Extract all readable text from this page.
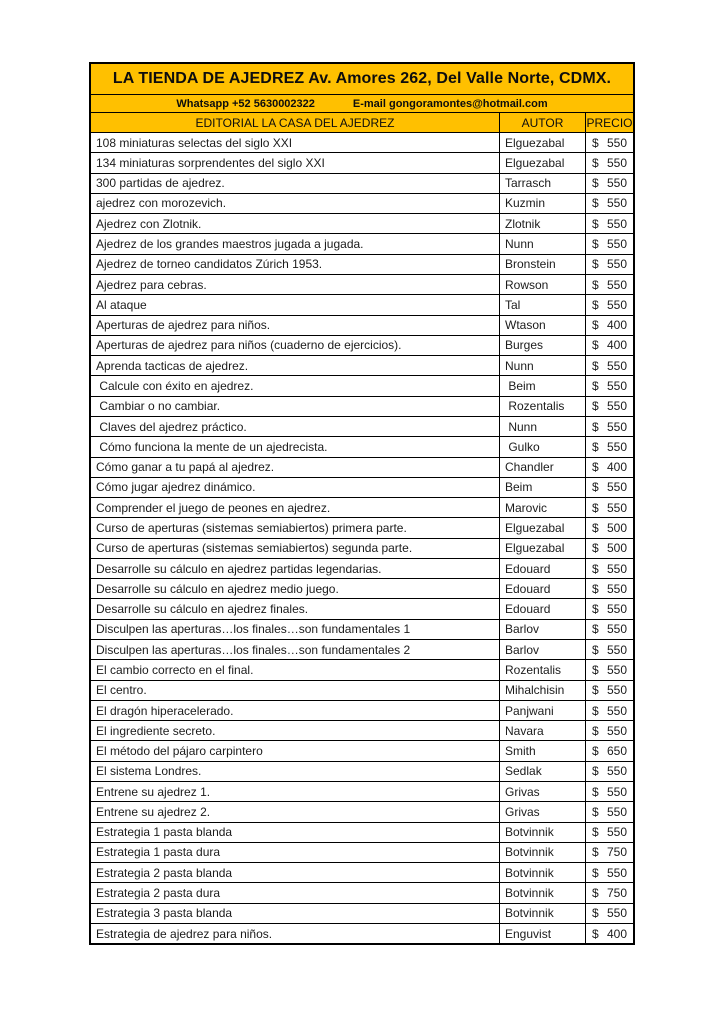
LA TIENDA DE AJEDREZ Av. Amores 262, Del Valle Norte, CDMX.
Whatsapp +52 5630002322	E-mail gongoramontes@hotmail.com
EDITORIAL LA CASA DEL AJEDREZ	AUTOR	PRECIO
108 miniaturas selectas del siglo XXI	Elguezabal	$ 550
134 miniaturas sorprendentes del siglo XXI	Elguezabal	$ 550
300 partidas de ajedrez.	Tarrasch	$ 550
ajedrez con morozevich.	Kuzmin	$ 550
Ajedrez con Zlotnik.	Zlotnik	$ 550
Ajedrez de los grandes maestros jugada a jugada.	Nunn	$ 550
Ajedrez de torneo candidatos Zúrich 1953.	Bronstein	$ 550
Ajedrez para cebras.	Rowson	$ 550
Al ataque	Tal	$ 550
Aperturas de ajedrez para niños.	Wtason	$ 400
Aperturas de ajedrez para niños (cuaderno de ejercicios).	Burges	$ 400
Aprenda tacticas de ajedrez.	Nunn	$ 550
Calcule con éxito en ajedrez.	Beim	$ 550
Cambiar o no cambiar.	Rozentalis	$ 550
Claves del ajedrez práctico.	Nunn	$ 550
Cómo funciona la mente de un ajedrecista.	Gulko	$ 550
Cómo ganar a tu papá al ajedrez.	Chandler	$ 400
Cómo jugar ajedrez dinámico.	Beim	$ 550
Comprender el juego de peones en ajedrez.	Marovic	$ 550
Curso de aperturas (sistemas semiabiertos) primera parte.	Elguezabal	$ 500
Curso de aperturas (sistemas semiabiertos) segunda parte.	Elguezabal	$ 500
Desarrolle su cálculo en ajedrez partidas legendarias.	Edouard	$ 550
Desarrolle su cálculo en ajedrez medio juego.	Edouard	$ 550
Desarrolle su cálculo en ajedrez finales.	Edouard	$ 550
Disculpen las aperturas…los finales…son fundamentales 1	Barlov	$ 550
Disculpen las aperturas…los finales…son fundamentales 2	Barlov	$ 550
El cambio correcto en el final.	Rozentalis	$ 550
El centro.	Mihalchisin	$ 550
El dragón hiperacelerado.	Panjwani	$ 550
El ingrediente secreto.	Navara	$ 550
El método del pájaro carpintero	Smith	$ 650
El sistema Londres.	Sedlak	$ 550
Entrene su ajedrez 1.	Grivas	$ 550
Entrene su ajedrez 2.	Grivas	$ 550
Estrategia 1 pasta blanda	Botvinnik	$ 550
Estrategia 1 pasta dura	Botvinnik	$ 750
Estrategia 2 pasta blanda	Botvinnik	$ 550
Estrategia 2 pasta dura	Botvinnik	$ 750
Estrategia 3 pasta blanda	Botvinnik	$ 550
Estrategia de ajedrez para niños.	Enguvist	$ 400
